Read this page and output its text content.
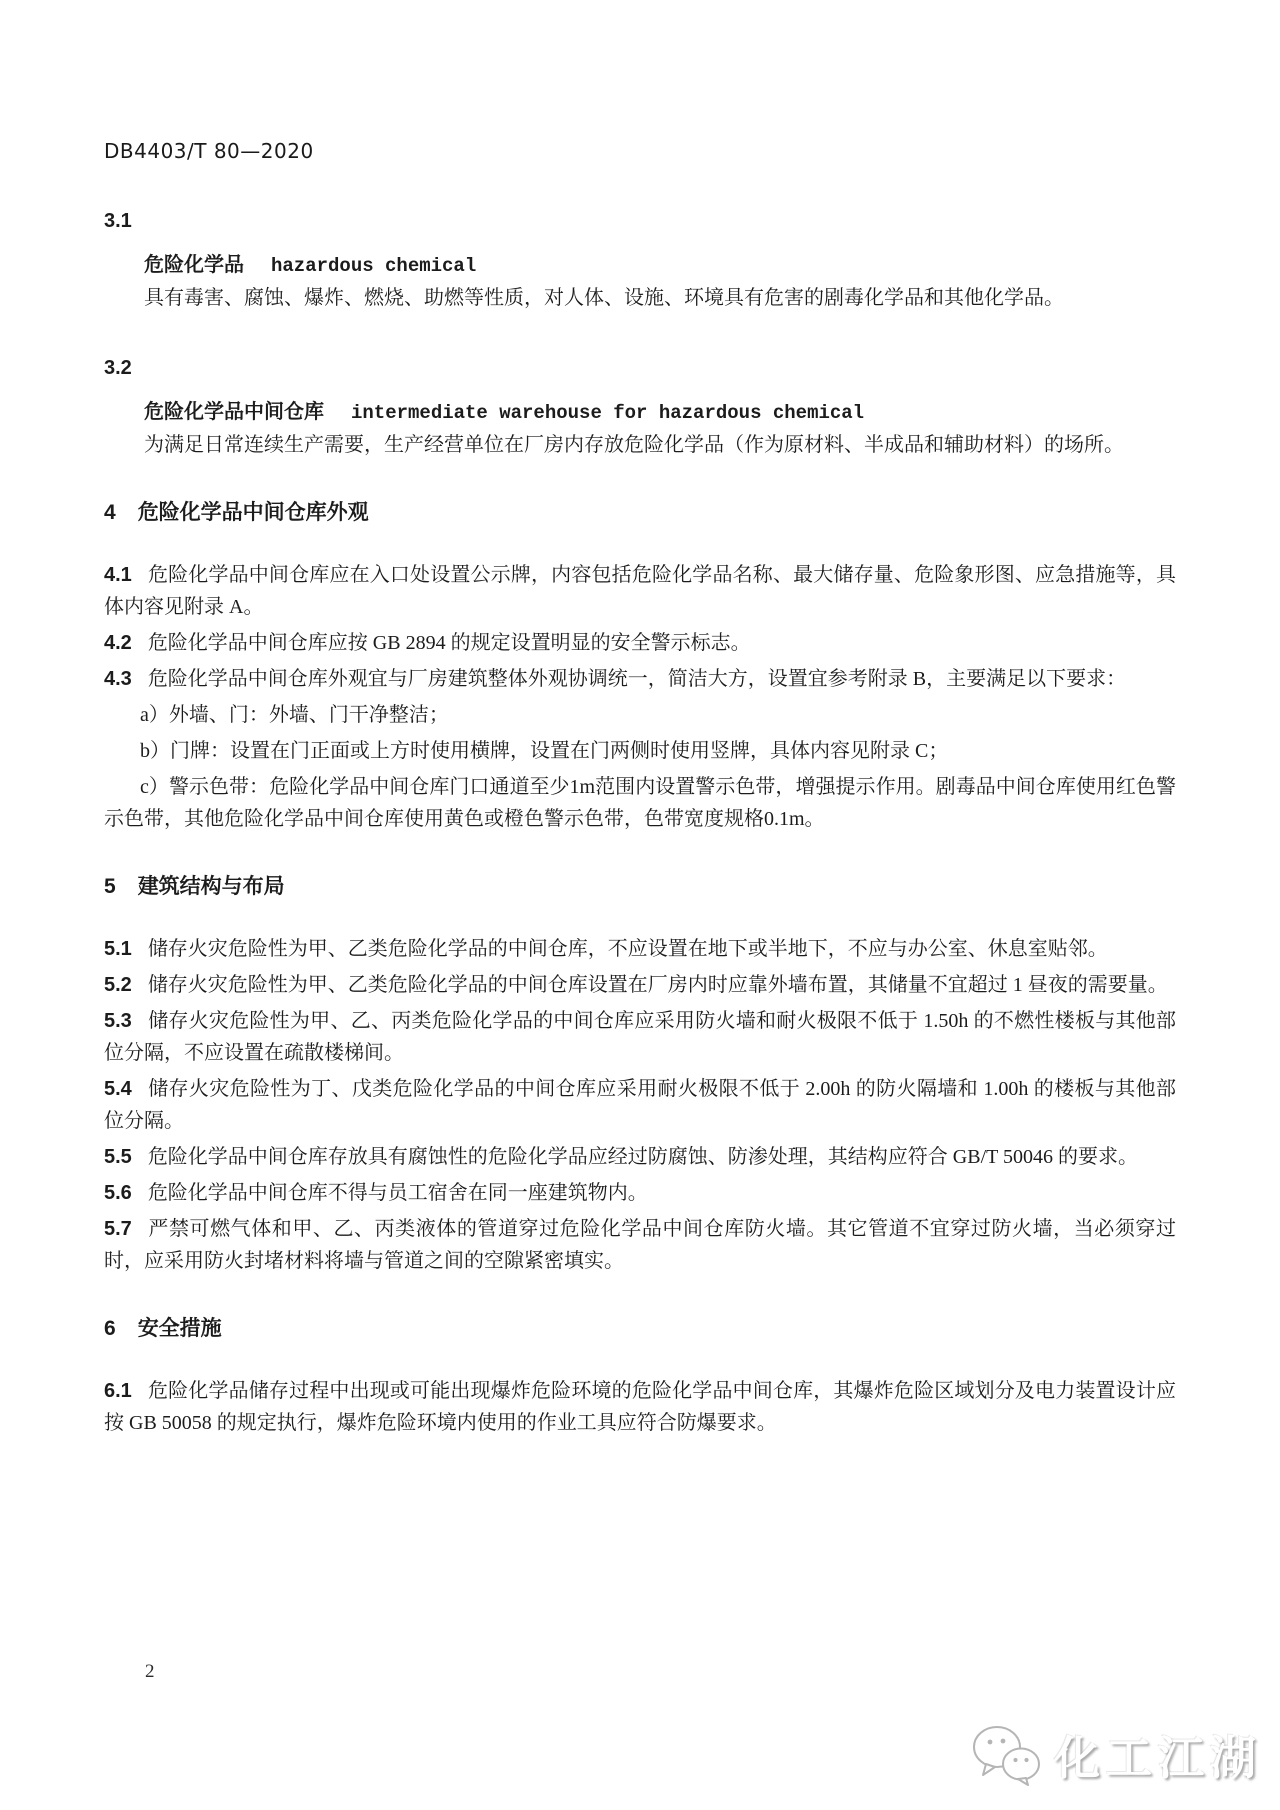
DB4403/T 80—2020
3.1
危险化学品 hazardous chemical

具有毒害、腐蚀、爆炸、燃烧、助燃等性质，对人体、设施、环境具有危害的剧毒化学品和其他化学品。

3.2
危险化学品中间仓库 intermediate warehouse for hazardous chemical

为满足日常连续生产需要，生产经营单位在厂房内存放危险化学品（作为原材料、半成品和辅助材料）的场所。

4 危险化学品中间仓库外观

4.1 危险化学品中间仓库应在入口处设置公示牌，内容包括危险化学品名称、最大储存量、危险象形图、应急措施等，具体内容见附录 A。

4.2 危险化学品中间仓库应按 GB 2894 的规定设置明显的安全警示标志。

4.3 危险化学品中间仓库外观宜与厂房建筑整体外观协调统一，简洁大方，设置宜参考附录 B，主要满足以下要求：

a）外墙、门：外墙、门干净整洁；

b）门牌：设置在门正面或上方时使用横牌，设置在门两侧时使用竖牌，具体内容见附录 C；

c）警示色带：危险化学品中间仓库门口通道至少1m范围内设置警示色带，增强提示作用。剧毒品中间仓库使用红色警示色带，其他危险化学品中间仓库使用黄色或橙色警示色带，色带宽度规格0.1m。

5 建筑结构与布局

5.1 储存火灾危险性为甲、乙类危险化学品的中间仓库，不应设置在地下或半地下，不应与办公室、休息室贴邻。

5.2 储存火灾危险性为甲、乙类危险化学品的中间仓库设置在厂房内时应靠外墙布置，其储量不宜超过 1 昼夜的需要量。

5.3 储存火灾危险性为甲、乙、丙类危险化学品的中间仓库应采用防火墙和耐火极限不低于 1.50h 的不燃性楼板与其他部位分隔，不应设置在疏散楼梯间。

5.4 储存火灾危险性为丁、戊类危险化学品的中间仓库应采用耐火极限不低于 2.00h 的防火隔墙和 1.00h 的楼板与其他部位分隔。

5.5 危险化学品中间仓库存放具有腐蚀性的危险化学品应经过防腐蚀、防渗处理，其结构应符合 GB/T 50046 的要求。

5.6 危险化学品中间仓库不得与员工宿舍在同一座建筑物内。

5.7 严禁可燃气体和甲、乙、丙类液体的管道穿过危险化学品中间仓库防火墙。其它管道不宜穿过防火墙，当必须穿过时，应采用防火封堵材料将墙与管道之间的空隙紧密填实。

6 安全措施

6.1 危险化学品储存过程中出现或可能出现爆炸危险环境的危险化学品中间仓库，其爆炸危险区域划分及电力装置设计应按 GB 50058 的规定执行，爆炸危险环境内使用的作业工具应符合防爆要求。

2
化工江湖
